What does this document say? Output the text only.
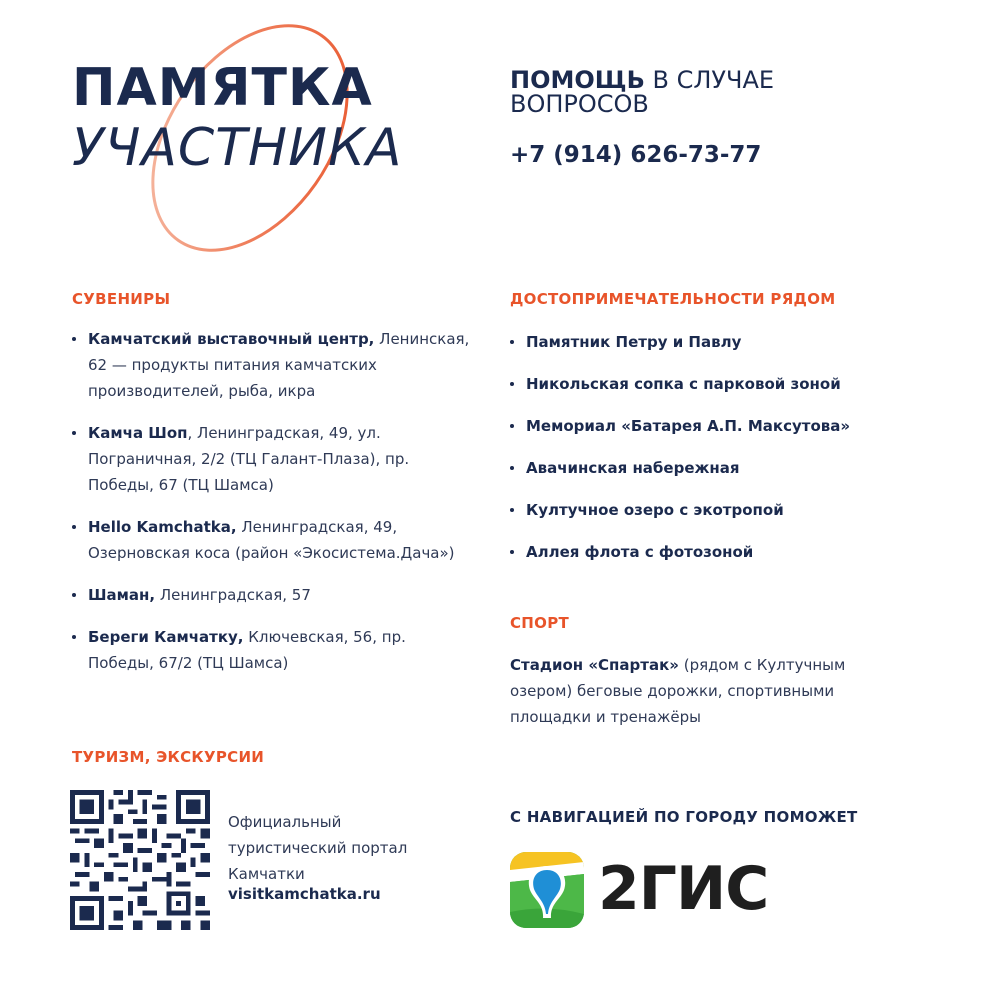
ПАМЯТКА
УЧАСТНИКА
ПОМОЩЬ В СЛУЧАЕ
ВОПРОСОВ
+7 (914) 626-73-77
СУВЕНИРЫ
Камчатский выставочный центр, Ленинская, 62 — продукты питания камчатских производителей, рыба, икра
Камча Шоп, Ленинградская, 49, ул. Пограничная, 2/2 (ТЦ Галант-Плаза), пр. Победы, 67 (ТЦ Шамса)
Hello Kamchatka, Ленинградская, 49, Озерновская коса (район «Экосистема.Дача»)
Шаман, Ленинградская, 57
Береги Камчатку, Ключевская, 56, пр. Победы, 67/2 (ТЦ Шамса)
ДОСТОПРИМЕЧАТЕЛЬНОСТИ РЯДОМ
Памятник Петру и Павлу
Никольская сопка с парковой зоной
Мемориал «Батарея А.П. Максутова»
Авачинская набережная
Култучное озеро с экотропой
Аллея флота с фотозоной
СПОРТ
Стадион «Спартак» (рядом с Култучным озером) беговые дорожки, спортивными площадки и тренажёры
ТУРИЗМ, ЭКСКУРСИИ
Официальный туристический портал Камчатки
visitkamchatka.ru
С НАВИГАЦИЕЙ ПО ГОРОДУ ПОМОЖЕТ
2ГИС
